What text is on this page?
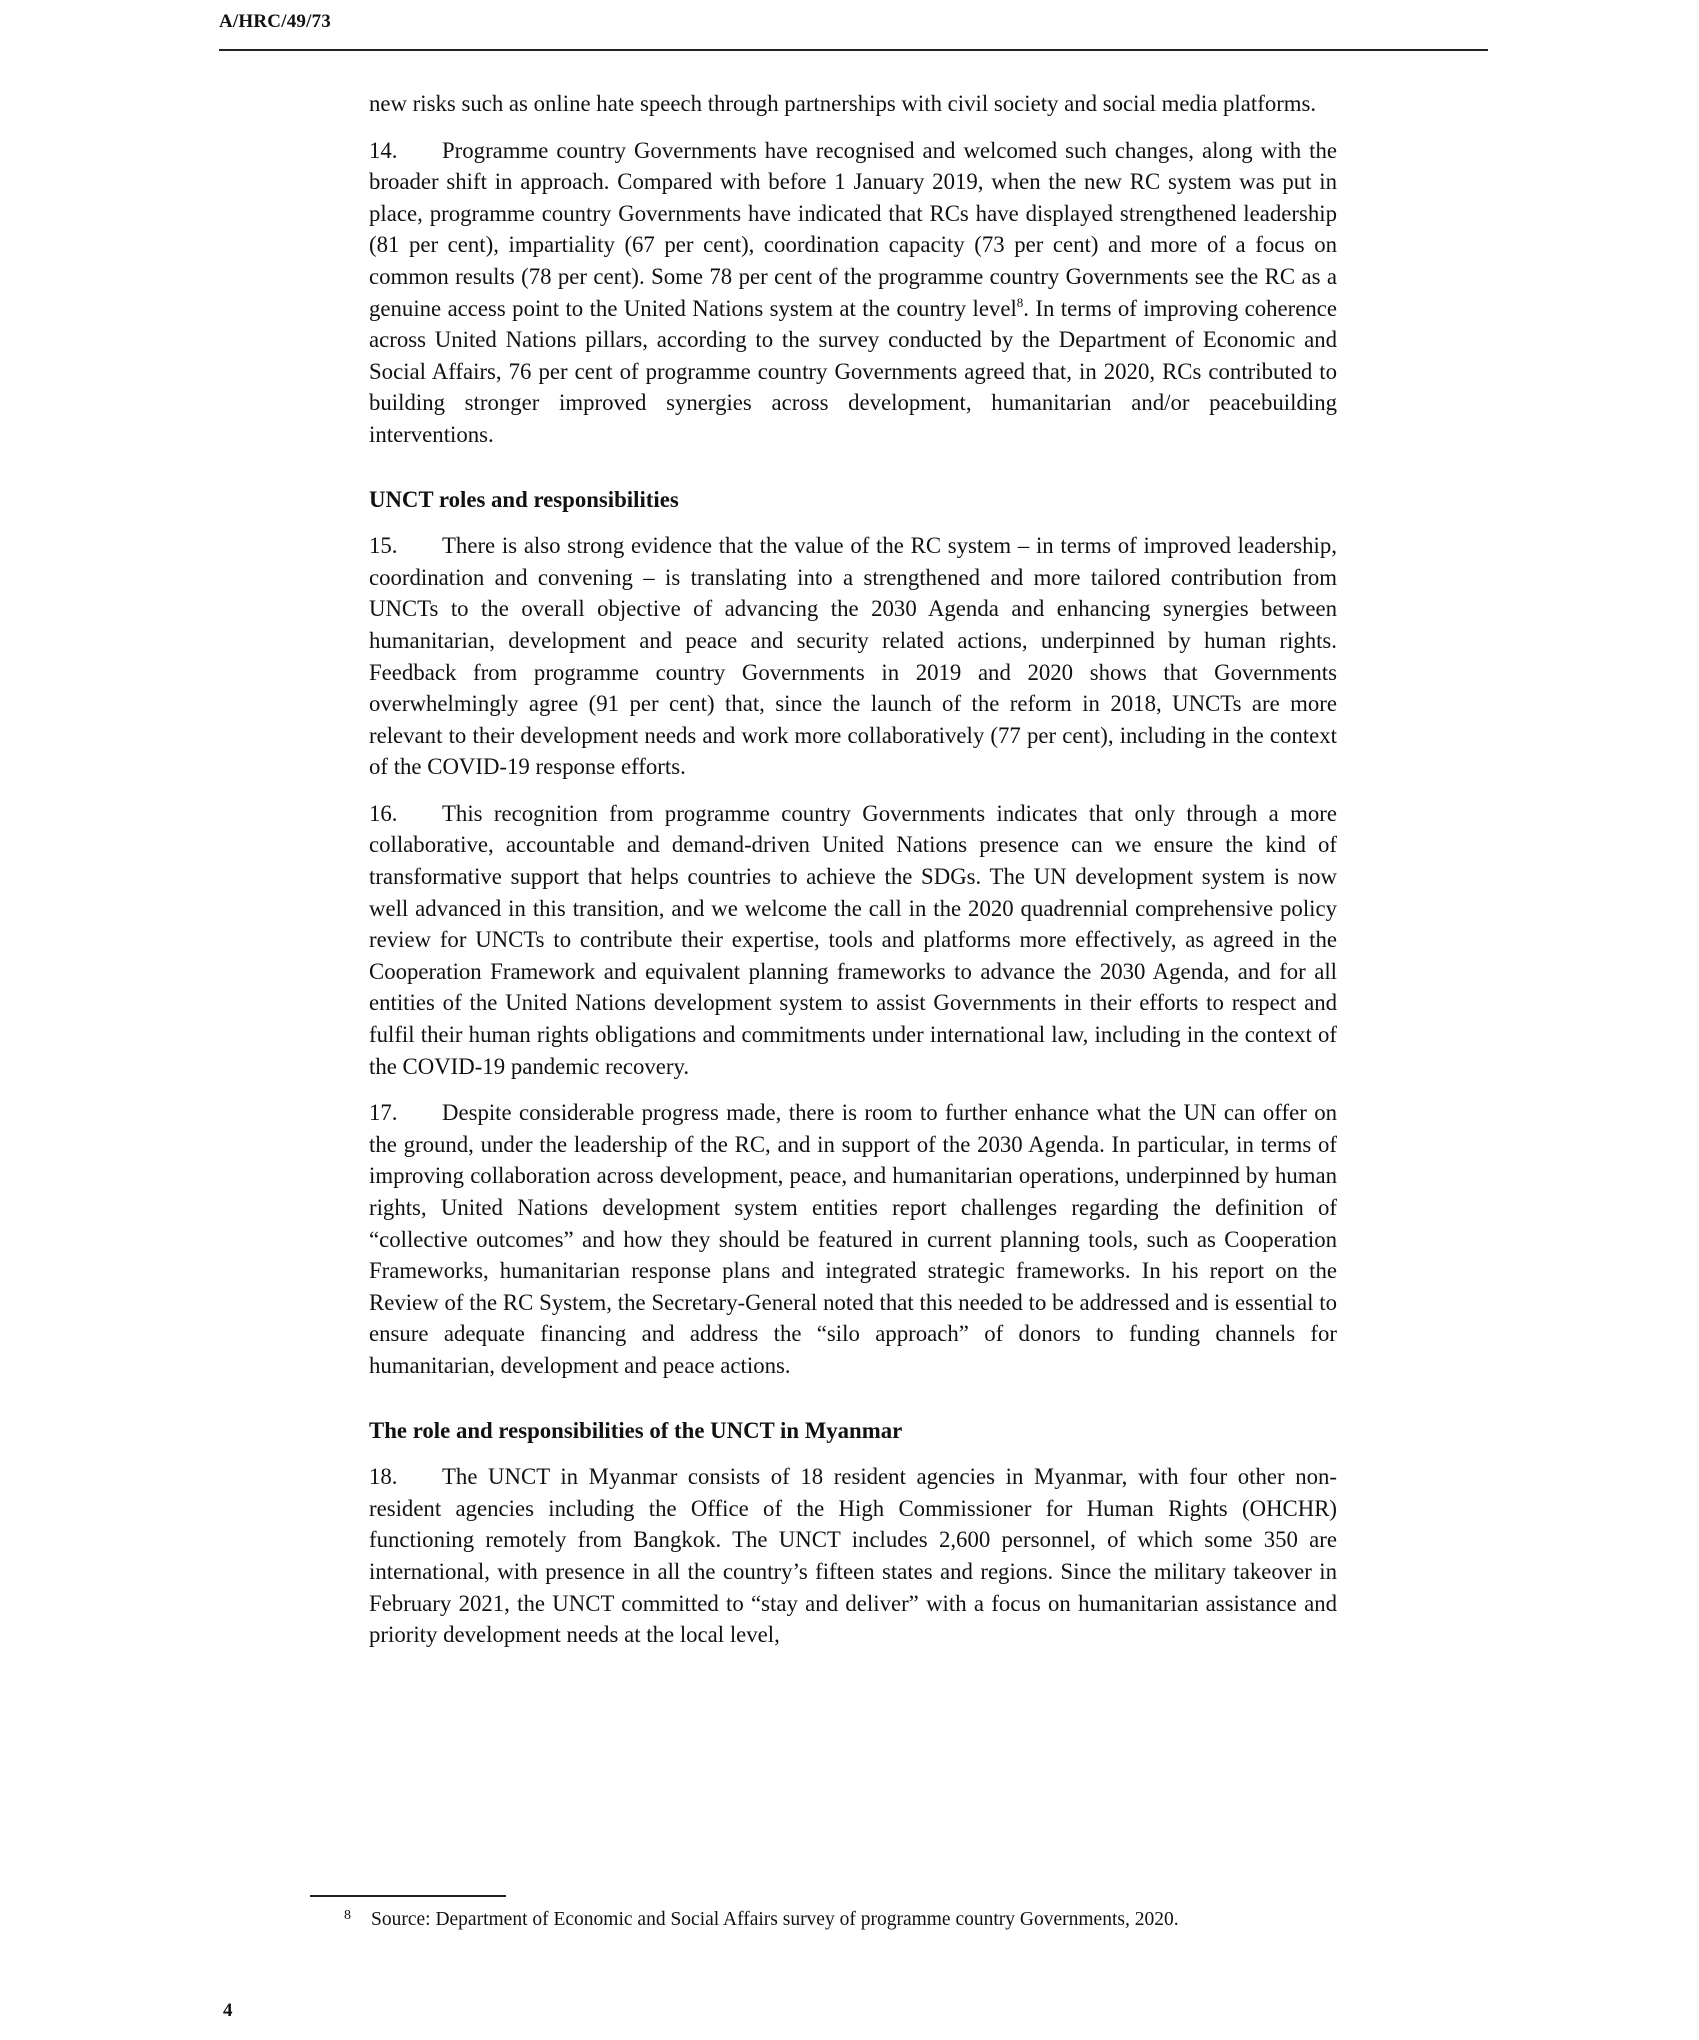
A/HRC/49/73

new risks such as online hate speech through partnerships with civil society and social media platforms.

14. Programme country Governments have recognised and welcomed such changes, along with the broader shift in approach. Compared with before 1 January 2019, when the new RC system was put in place, programme country Governments have indicated that RCs have displayed strengthened leadership (81 per cent), impartiality (67 per cent), coordination capacity (73 per cent) and more of a focus on common results (78 per cent). Some 78 per cent of the programme country Governments see the RC as a genuine access point to the United Nations system at the country level$^8$. In terms of improving coherence across United Nations pillars, according to the survey conducted by the Department of Economic and Social Affairs, 76 per cent of programme country Governments agreed that, in 2020, RCs contributed to building stronger improved synergies across development, humanitarian and/or peacebuilding interventions.

UNCT roles and responsibilities

15. There is also strong evidence that the value of the RC system – in terms of improved leadership, coordination and convening – is translating into a strengthened and more tailored contribution from UNCTs to the overall objective of advancing the 2030 Agenda and enhancing synergies between humanitarian, development and peace and security related actions, underpinned by human rights. Feedback from programme country Governments in 2019 and 2020 shows that Governments overwhelmingly agree (91 per cent) that, since the launch of the reform in 2018, UNCTs are more relevant to their development needs and work more collaboratively (77 per cent), including in the context of the COVID-19 response efforts.

16. This recognition from programme country Governments indicates that only through a more collaborative, accountable and demand-driven United Nations presence can we ensure the kind of transformative support that helps countries to achieve the SDGs. The UN development system is now well advanced in this transition, and we welcome the call in the 2020 quadrennial comprehensive policy review for UNCTs to contribute their expertise, tools and platforms more effectively, as agreed in the Cooperation Framework and equivalent planning frameworks to advance the 2030 Agenda, and for all entities of the United Nations development system to assist Governments in their efforts to respect and fulfil their human rights obligations and commitments under international law, including in the context of the COVID-19 pandemic recovery.

17. Despite considerable progress made, there is room to further enhance what the UN can offer on the ground, under the leadership of the RC, and in support of the 2030 Agenda. In particular, in terms of improving collaboration across development, peace, and humanitarian operations, underpinned by human rights, United Nations development system entities report challenges regarding the definition of “collective outcomes” and how they should be featured in current planning tools, such as Cooperation Frameworks, humanitarian response plans and integrated strategic frameworks. In his report on the Review of the RC System, the Secretary-General noted that this needed to be addressed and is essential to ensure adequate financing and address the “silo approach” of donors to funding channels for humanitarian, development and peace actions.

The role and responsibilities of the UNCT in Myanmar

18. The UNCT in Myanmar consists of 18 resident agencies in Myanmar, with four other non-resident agencies including the Office of the High Commissioner for Human Rights (OHCHR) functioning remotely from Bangkok. The UNCT includes 2,600 personnel, of which some 350 are international, with presence in all the country’s fifteen states and regions. Since the military takeover in February 2021, the UNCT committed to “stay and deliver” with a focus on humanitarian assistance and priority development needs at the local level,

8	Source: Department of Economic and Social Affairs survey of programme country Governments, 2020.
4
